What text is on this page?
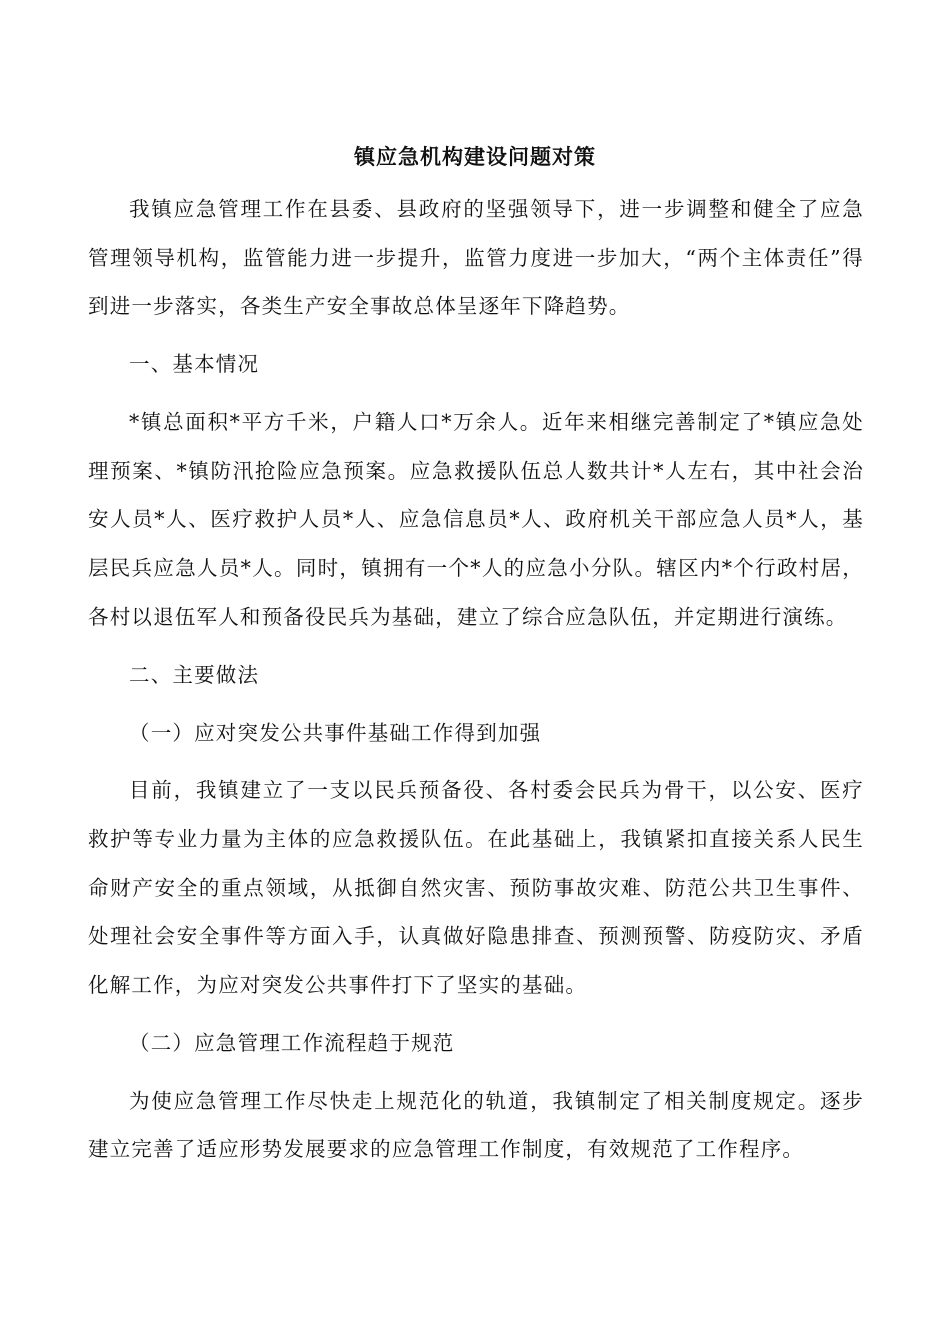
镇应急机构建设问题对策

我镇应急管理工作在县委、县政府的坚强领导下，进一步调整和健全了应急管理领导机构，监管能力进一步提升，监管力度进一步加大，“两个主体责任”得到进一步落实，各类生产安全事故总体呈逐年下降趋势。

一、基本情况

*镇总面积*平方千米，户籍人口*万余人。近年来相继完善制定了*镇应急处理预案、*镇防汛抢险应急预案。应急救援队伍总人数共计*人左右，其中社会治安人员*人、医疗救护人员*人、应急信息员*人、政府机关干部应急人员*人，基层民兵应急人员*人。同时，镇拥有一个*人的应急小分队。辖区内*个行政村居，各村以退伍军人和预备役民兵为基础，建立了综合应急队伍，并定期进行演练。

二、主要做法

（一）应对突发公共事件基础工作得到加强

目前，我镇建立了一支以民兵预备役、各村委会民兵为骨干，以公安、医疗救护等专业力量为主体的应急救援队伍。在此基础上，我镇紧扣直接关系人民生命财产安全的重点领域，从抵御自然灾害、预防事故灾难、防范公共卫生事件、处理社会安全事件等方面入手，认真做好隐患排查、预测预警、防疫防灾、矛盾化解工作，为应对突发公共事件打下了坚实的基础。

（二）应急管理工作流程趋于规范

为使应急管理工作尽快走上规范化的轨道，我镇制定了相关制度规定。逐步建立完善了适应形势发展要求的应急管理工作制度，有效规范了工作程序。
